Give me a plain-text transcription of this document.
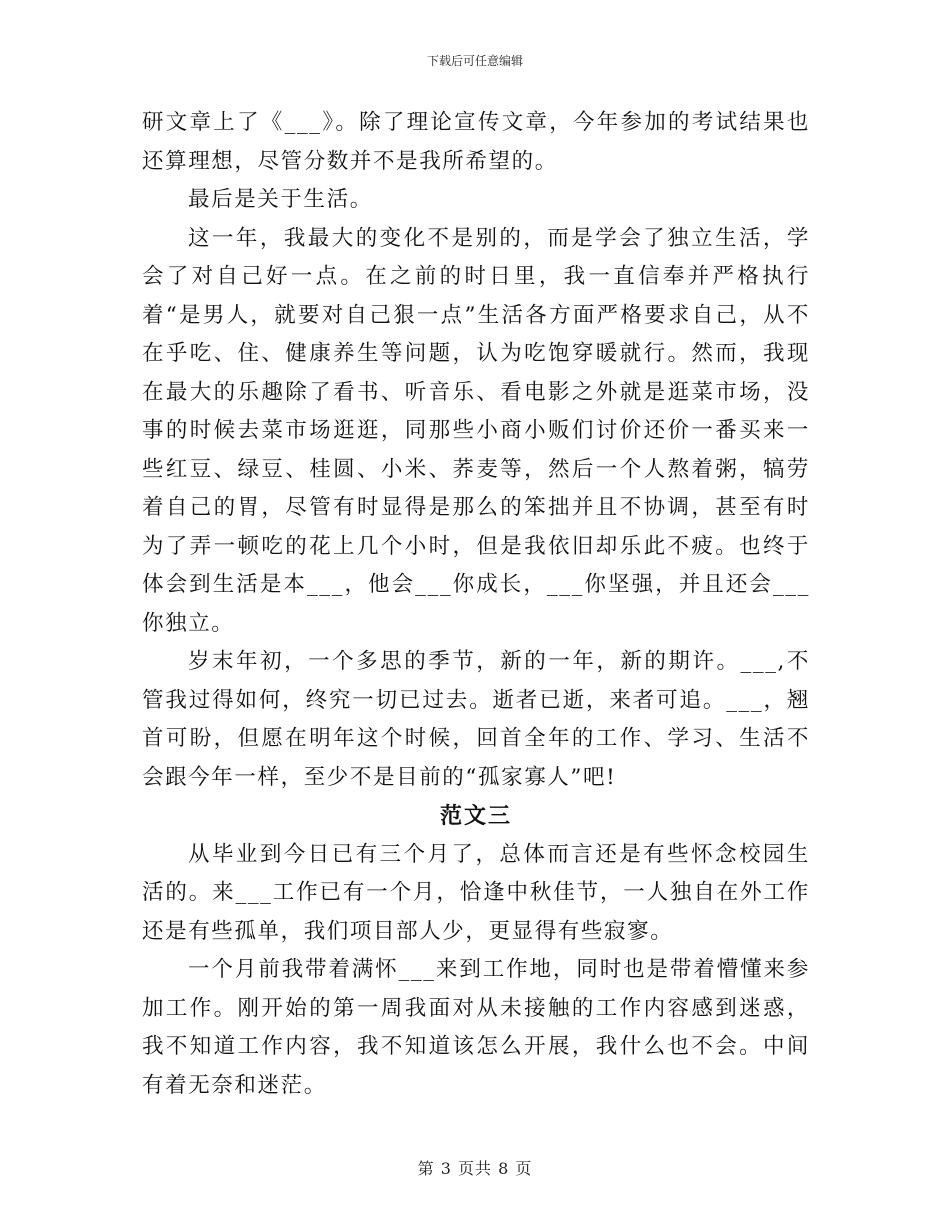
下载后可任意编辑

研文章上了《___》。除了理论宣传文章，今年参加的考试结果也还算理想，尽管分数并不是我所希望的。

最后是关于生活。

这一年，我最大的变化不是别的，而是学会了独立生活，学会了对自己好一点。在之前的时日里，我一直信奉并严格执行着“是男人，就要对自己狠一点”生活各方面严格要求自己，从不在乎吃、住、健康养生等问题，认为吃饱穿暖就行。然而，我现在最大的乐趣除了看书、听音乐、看电影之外就是逛菜市场，没事的时候去菜市场逛逛，同那些小商小贩们讨价还价一番买来一些红豆、绿豆、桂圆、小米、荞麦等，然后一个人熬着粥，犒劳着自己的胃，尽管有时显得是那么的笨拙并且不协调，甚至有时为了弄一顿吃的花上几个小时，但是我依旧却乐此不疲。也终于体会到生活是本___，他会___你成长，___你坚强，并且还会___你独立。

岁末年初，一个多思的季节，新的一年，新的期许。___,不管我过得如何，终究一切已过去。逝者已逝，来者可追。___，翘首可盼，但愿在明年这个时候，回首全年的工作、学习、生活不会跟今年一样，至少不是目前的“孤家寡人”吧!

范文三

从毕业到今日已有三个月了，总体而言还是有些怀念校园生活的。来___工作已有一个月，恰逢中秋佳节，一人独自在外工作还是有些孤单，我们项目部人少，更显得有些寂寥。

一个月前我带着满怀___来到工作地，同时也是带着懵懂来参加工作。刚开始的第一周我面对从未接触的工作内容感到迷惑，我不知道工作内容，我不知道该怎么开展，我什么也不会。中间有着无奈和迷茫。

第 3 页共 8 页
